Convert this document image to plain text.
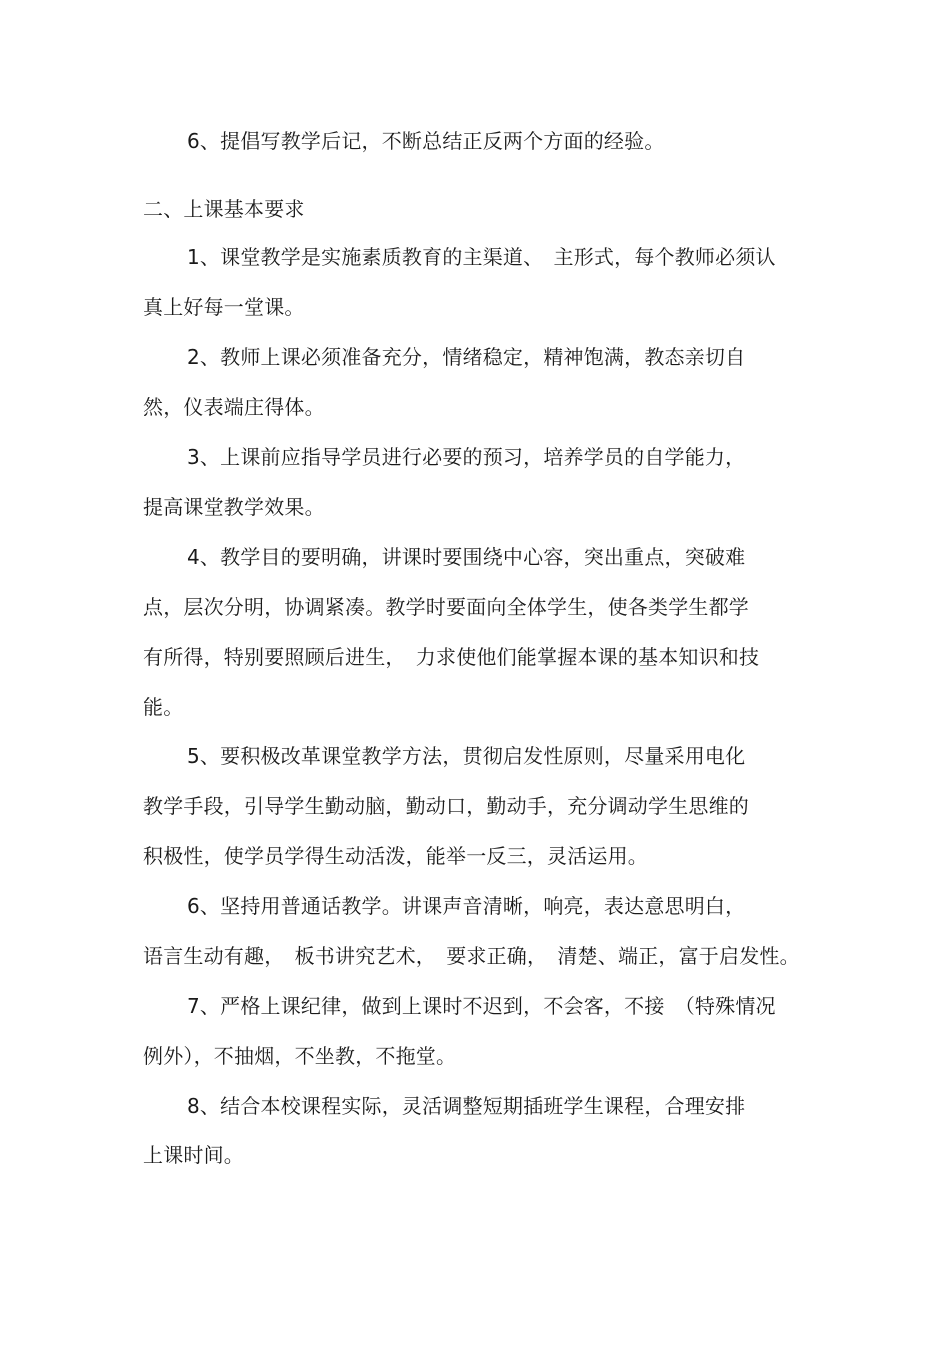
6、提倡写教学后记，不断总结正反两个方面的经验。
二、上课基本要求
1、课堂教学是实施素质教育的主渠道、　主形式，每个教师必须认
真上好每一堂课。
2、教师上课必须准备充分，情绪稳定，精神饱满，教态亲切自
然，仪表端庄得体。
3、上课前应指导学员进行必要的预习，培养学员的自学能力，
提高课堂教学效果。
4、教学目的要明确，讲课时要围绕中心容，突出重点，突破难
点，层次分明，协调紧凑。教学时要面向全体学生，使各类学生都学
有所得，特别要照顾后进生，　力求使他们能掌握本课的基本知识和技
能。
5、要积极改革课堂教学方法，贯彻启发性原则，尽量采用电化
教学手段，引导学生勤动脑，勤动口，勤动手，充分调动学生思维的
积极性，使学员学得生动活泼，能举一反三，灵活运用。
6、坚持用普通话教学。讲课声音清晰，响亮，表达意思明白，
语言生动有趣，　板书讲究艺术，　要求正确，　清楚、端正，富于启发性。
7、严格上课纪律，做到上课时不迟到，不会客，不接　（特殊情况
例外），不抽烟，不坐教，不拖堂。
8、结合本校课程实际，灵活调整短期插班学生课程，合理安排
上课时间。
